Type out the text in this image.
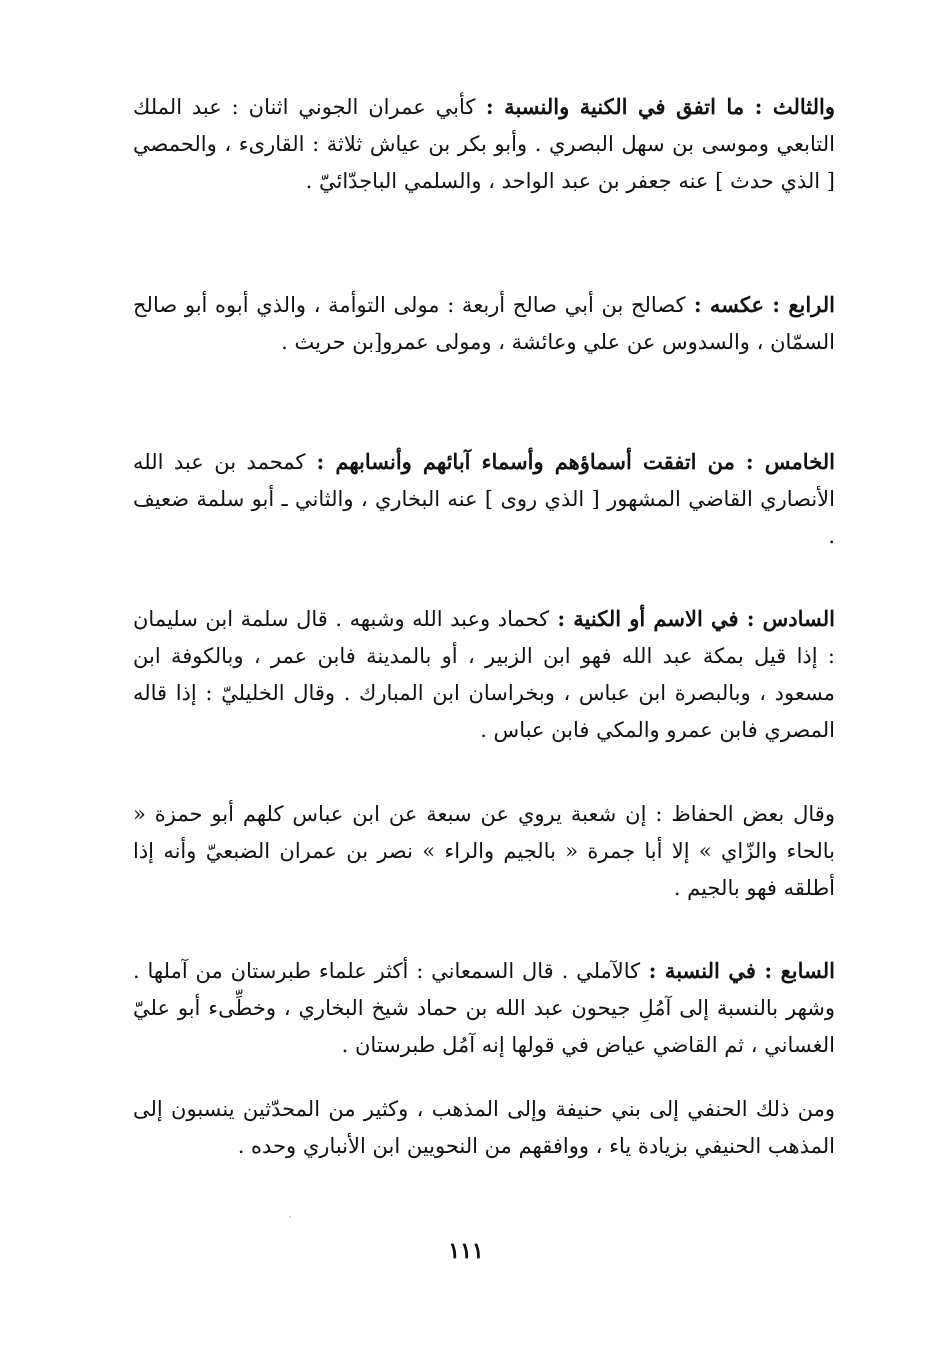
والثالث : ما اتفق في الكنية والنسبة : كأبي عمران الجوني اثنان : عبد الملك التابعي وموسى بن سهل البصري . وأبو بكر بن عياش ثلاثة : القارىء ، والحمصي [ الذي حدث ] عنه جعفر بن عبد الواحد ، والسلمي الباجدّائيّ .

الرابع : عكسه : كصالح بن أبي صالح أربعة : مولى التوأمة ، والذي أبوه أبو صالح السمّان ، والسدوس عن علي وعائشة ، ومولى عمرو[بن حريث .

الخامس : من اتفقت أسماؤهم وأسماء آبائهم وأنسابهم : كمحمد بن عبد الله الأنصاري القاضي المشهور [ الذي روى ] عنه البخاري ، والثاني ـ أبو سلمة ضعيف .

السادس : في الاسم أو الكنية : كحماد وعبد الله وشبهه . قال سلمة ابن سليمان : إذا قيل بمكة عبد الله فهو ابن الزبير ، أو بالمدينة فابن عمر ، وبالكوفة ابن مسعود ، وبالبصرة ابن عباس ، وبخراسان ابن المبارك . وقال الخليليّ : إذا قاله المصري فابن عمرو والمكي فابن عباس .

وقال بعض الحفاظ : إن شعبة يروي عن سبعة عن ابن عباس كلهم أبو حمزة « بالحاء والزّاي » إلا أبا جمرة « بالجيم والراء » نصر بن عمران الضبعيّ وأنه إذا أطلقه فهو بالجيم .

السابع : في النسبة : كالآملي . قال السمعاني : أكثر علماء طبرستان من آملها . وشهر بالنسبة إلى آمُلِ جيحون عبد الله بن حماد شيخ البخاري ، وخطِّىء أبو عليّ الغساني ، ثم القاضي عياض في قولها إنه آمُل طبرستان .

ومن ذلك الحنفي إلى بني حنيفة وإلى المذهب ، وكثير من المحدّثين ينسبون إلى المذهب الحنيفي بزيادة ياء ، ووافقهم من النحويين ابن الأنباري وحده .

١١١
